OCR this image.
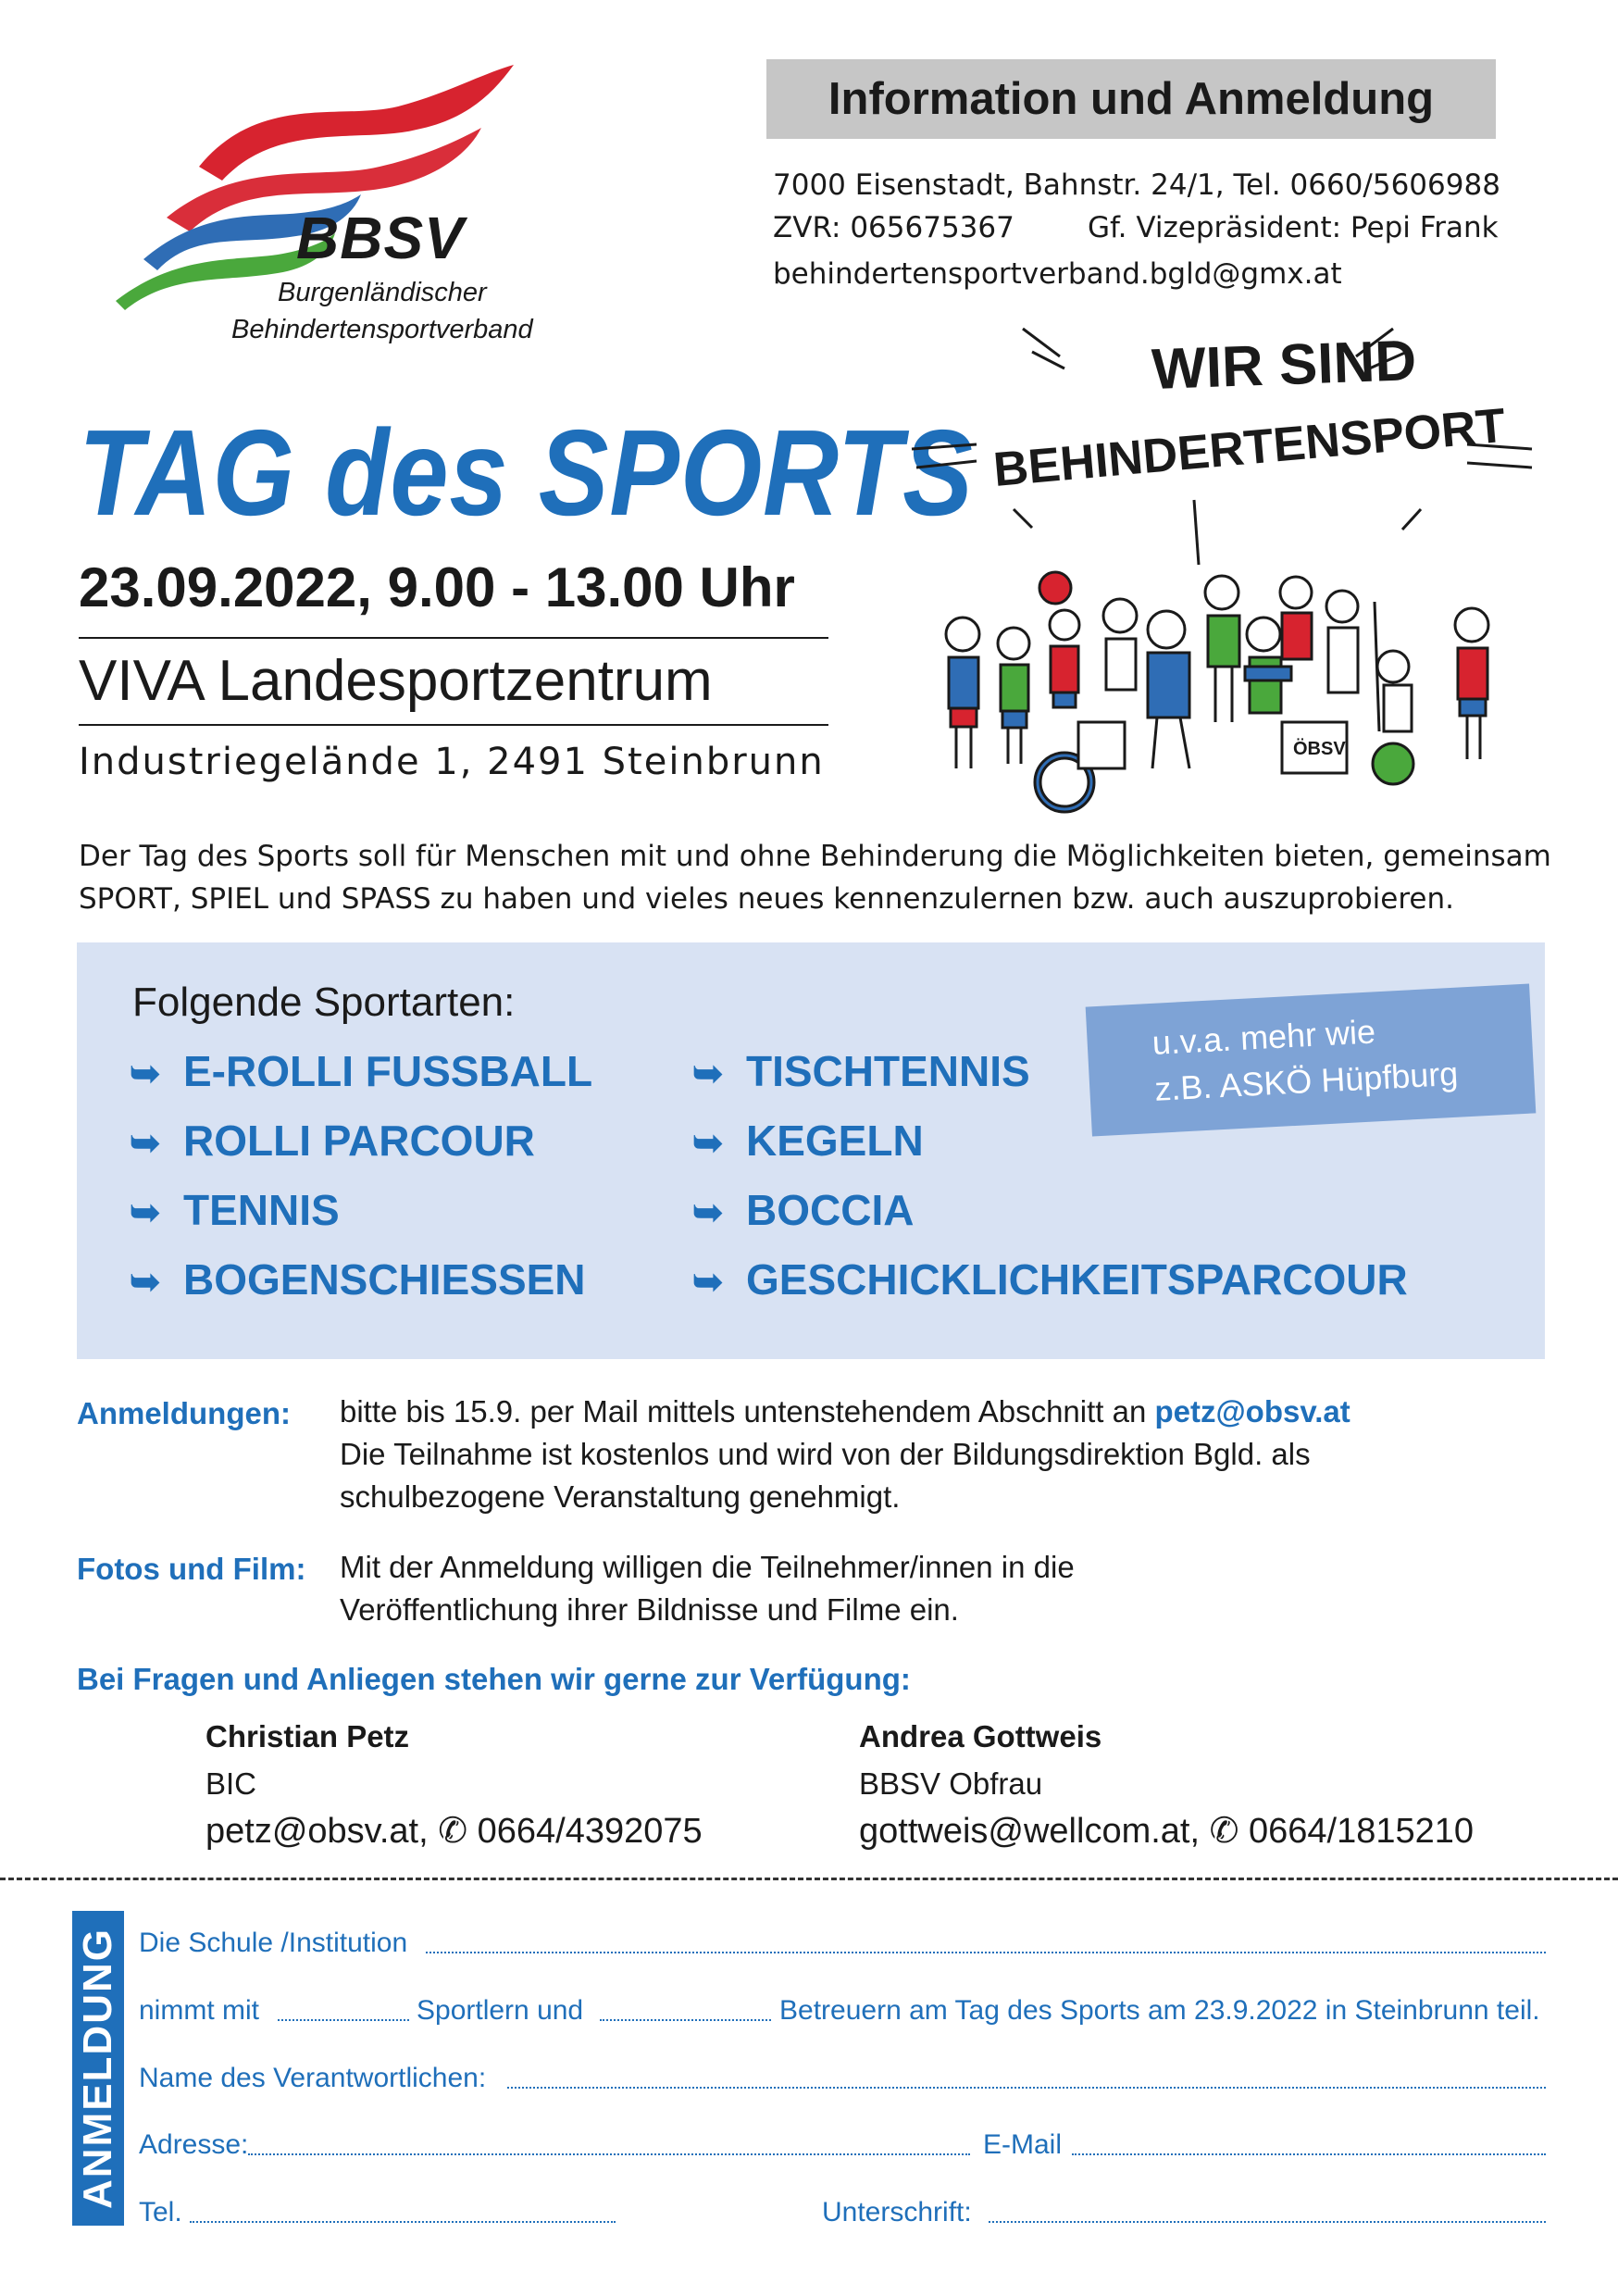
BBSV
Burgenländischer
Behindertensportverband
Information und Anmeldung
7000 Eisenstadt, Bahnstr. 24/1, Tel. 0660/5606988
ZVR: 065675367	Gf. Vizepräsident: Pepi Frank
behindertensportverband.bgld@gmx.at
TAG des SPORTS
23.09.2022, 9.00 - 13.00 Uhr
VIVA Landesportzentrum
Industriegelände 1, 2491 Steinbrunn
WIR SIND
BEHINDERTENSPORT
ÖBSV
Der Tag des Sports soll für Menschen mit und ohne Behinderung die Möglichkeiten bieten, gemeinsam SPORT, SPIEL und SPASS zu haben und vieles neues kennenzulernen bzw. auch auszuprobieren.
Folgende Sportarten:
➥ E-ROLLI FUSSBALL
➥ ROLLI PARCOUR
➥ TENNIS
➥ BOGENSCHIESSEN
➥ TISCHTENNIS
➥ KEGELN
➥ BOCCIA
➥ GESCHICKLICHKEITSPARCOUR
u.v.a. mehr wie
z.B. ASKÖ Hüpfburg
Anmeldungen: bitte bis 15.9. per Mail mittels untenstehendem Abschnitt an petz@obsv.at
Die Teilnahme ist kostenlos und wird von der Bildungsdirektion Bgld. als
schulbezogene Veranstaltung genehmigt.
Fotos und Film: Mit der Anmeldung willigen die Teilnehmer/innen in die
Veröffentlichung ihrer Bildnisse und Filme ein.
Bei Fragen und Anliegen stehen wir gerne zur Verfügung:
Christian Petz
BIC
petz@obsv.at, ✆ 0664/4392075
Andrea Gottweis
BBSV Obfrau
gottweis@wellcom.at, ✆ 0664/1815210
ANMELDUNG Die Schule /Institution
nimmt mit	Sportlern und	Betreuern am Tag des Sports am 23.9.2022 in Steinbrunn teil.
Name des Verantwortlichen:
Adresse:	E-Mail
Tel.	Unterschrift:
